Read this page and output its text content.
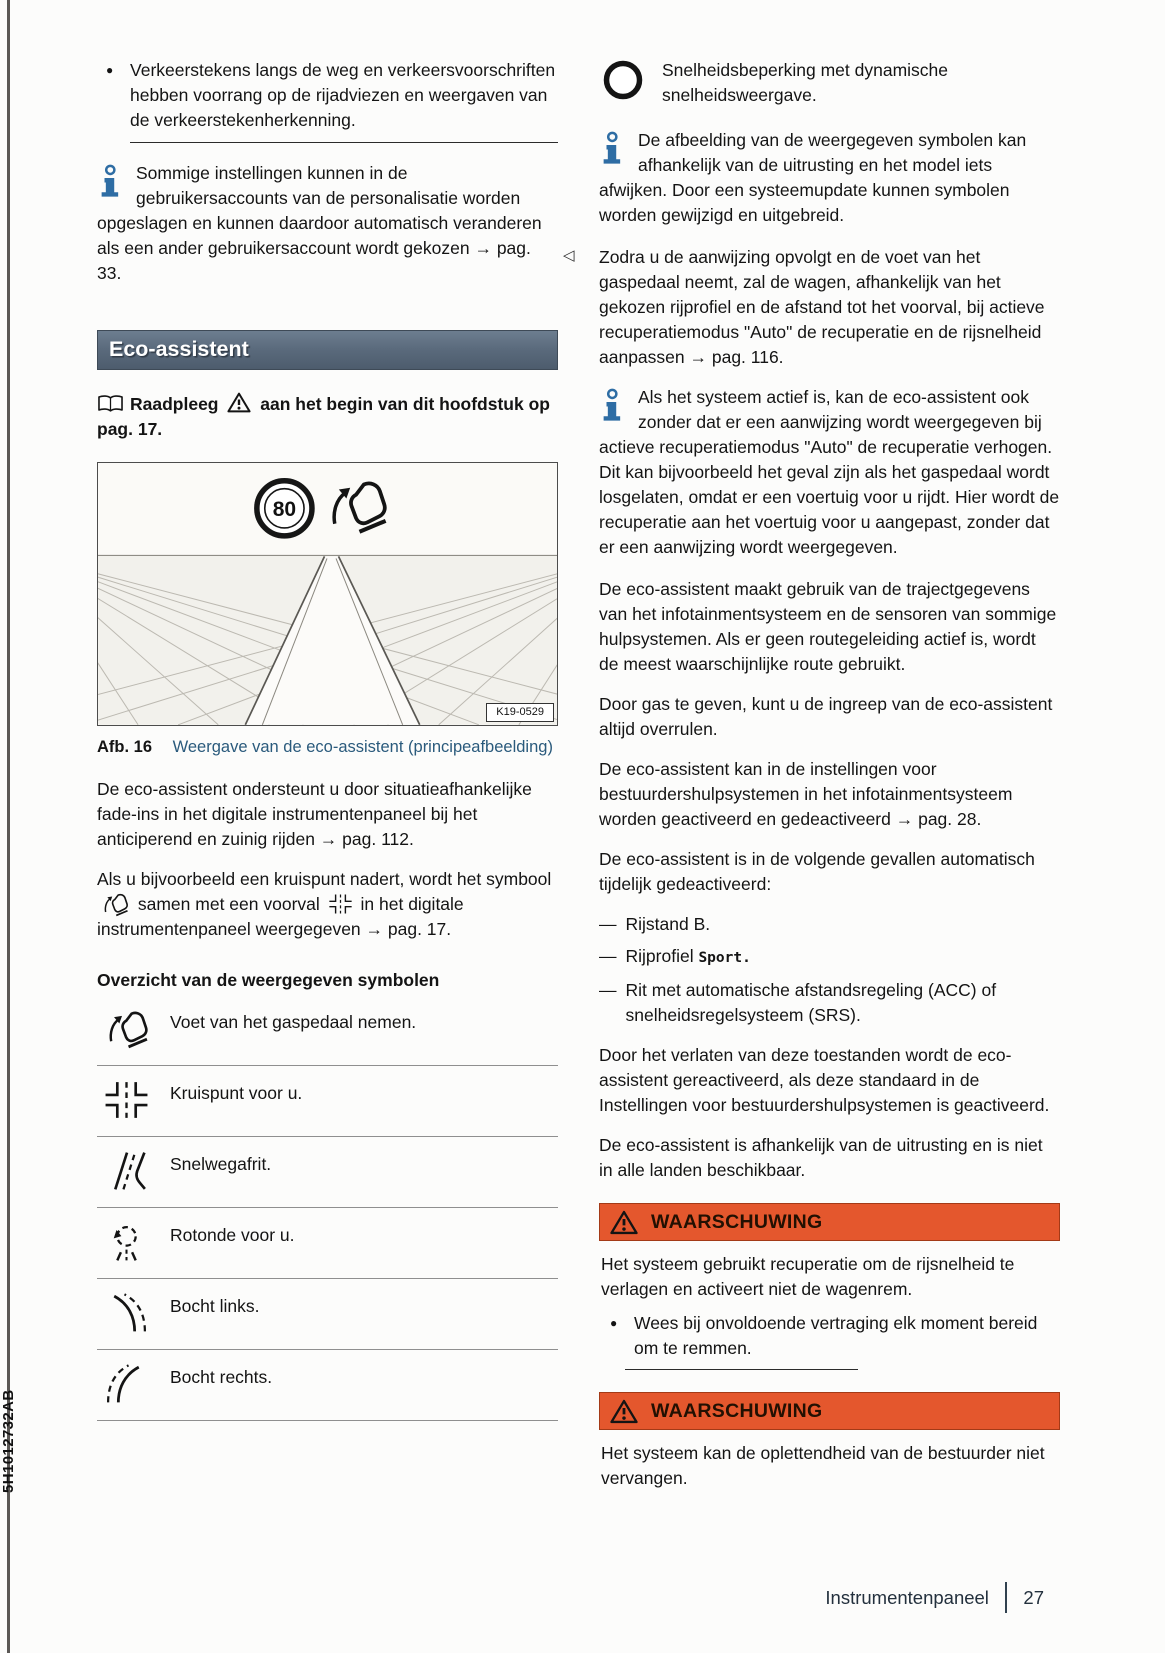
5H1012732AB
◁
● Verkeerstekens langs de weg en verkeersvoorschriften hebben voorrang op de rijadviezen en weergaven van de verkeerstekenherkenning.
Sommige instellingen kunnen in de gebruikersaccounts van de personalisatie worden opgeslagen en kunnen daardoor automatisch veranderen als een ander gebruikersaccount wordt gekozen → pag. 33.
Eco-assistent
Raadpleeg aan het begin van dit hoofdstuk op pag. 17.
80
K19-0529
Afb. 16 Weergave van de eco-assistent (principeafbeelding)

De eco-assistent ondersteunt u door situatieafhankelijke fade-ins in het digitale instrumentenpaneel bij het anticiperend en zuinig rijden → pag. 112.

Als u bijvoorbeeld een kruispunt nadert, wordt het symbool  samen met een voorval in het digitale instrumentenpaneel weergegeven → pag. 17.

Overzicht van de weergegeven symbolen
Voet van het gaspedaal nemen.
Kruispunt voor u.
Snelwegafrit.
Rotonde voor u.
Bocht links.
Bocht rechts.
Snelheidsbeperking met dynamische snelheidsweergave.
De afbeelding van de weergegeven symbolen kan afhankelijk van de uitrusting en het model iets afwijken. Door een systeemupdate kunnen symbolen worden gewijzigd en uitgebreid.

Zodra u de aanwijzing opvolgt en de voet van het gaspedaal neemt, zal de wagen, afhankelijk van het gekozen rijprofiel en de afstand tot het voorval, bij actieve recuperatiemodus "Auto" de recuperatie en de rijsnelheid aanpassen → pag. 116.

Als het systeem actief is, kan de eco-assistent ook zonder dat er een aanwijzing wordt weergegeven bij actieve recuperatiemodus "Auto" de recuperatie verhogen. Dit kan bijvoorbeeld het geval zijn als het gaspedaal wordt losgelaten, omdat er een voertuig voor u rijdt. Hier wordt de recuperatie aan het voertuig voor u aangepast, zonder dat er een aanwijzing wordt weergegeven.

De eco-assistent maakt gebruik van de trajectgegevens van het infotainmentsysteem en de sensoren van sommige hulpsystemen. Als er geen routegeleiding actief is, wordt de meest waarschijnlijke route gebruikt.

Door gas te geven, kunt u de ingreep van de eco-assistent altijd overrulen.

De eco-assistent kan in de instellingen voor bestuurdershulpsystemen in het infotainmentsysteem worden geactiveerd en gedeactiveerd → pag. 28.

De eco-assistent is in de volgende gevallen automatisch tijdelijk gedeactiveerd:

— Rijstand B.
— Rijprofiel Sport.
— Rit met automatische afstandsregeling (ACC) of snelheidsregelsysteem (SRS).

Door het verlaten van deze toestanden wordt de eco-assistent gereactiveerd, als deze standaard in de Instellingen voor bestuurdershulpsystemen is geactiveerd.

De eco-assistent is afhankelijk van de uitrusting en is niet in alle landen beschikbaar.

WAARSCHUWING
Het systeem gebruikt recuperatie om de rijsnelheid te verlagen en activeert niet de wagenrem.
● Wees bij onvoldoende vertraging elk moment bereid om te remmen.
WAARSCHUWING
Het systeem kan de oplettendheid van de bestuurder niet vervangen.
Instrumentenpaneel 27
